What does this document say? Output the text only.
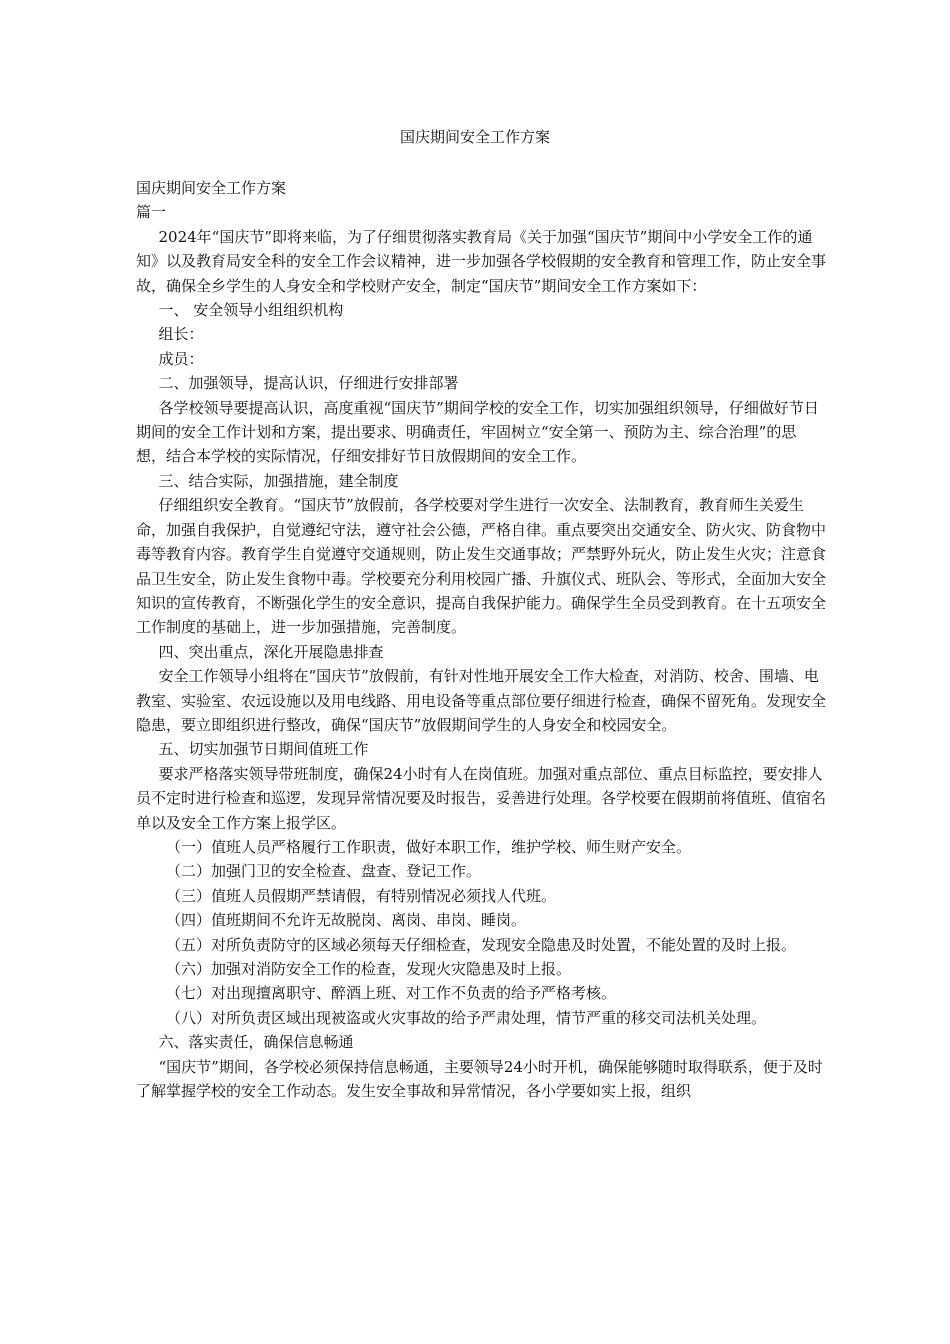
国庆期间安全工作方案

国庆期间安全工作方案

篇一

2024年“国庆节”即将来临，为了仔细贯彻落实教育局《关于加强“国庆节”期间中小学安全工作的通知》以及教育局安全科的安全工作会议精神，进一步加强各学校假期的安全教育和管理工作，防止安全事故，确保全乡学生的人身安全和学校财产安全，制定“国庆节”期间安全工作方案如下：

一、 安全领导小组组织机构

组长：

成员：

二、加强领导，提高认识，仔细进行安排部署

各学校领导要提高认识，高度重视“国庆节”期间学校的安全工作，切实加强组织领导，仔细做好节日期间的安全工作计划和方案，提出要求、明确责任，牢固树立“安全第一、预防为主、综合治理”的思想，结合本学校的实际情况，仔细安排好节日放假期间的安全工作。

三、结合实际，加强措施，建全制度

仔细组织安全教育。“国庆节”放假前，各学校要对学生进行一次安全、法制教育，教育师生关爱生命，加强自我保护，自觉遵纪守法，遵守社会公德，严格自律。重点要突出交通安全、防火灾、防食物中毒等教育内容。教育学生自觉遵守交通规则，防止发生交通事故；严禁野外玩火，防止发生火灾；注意食品卫生安全，防止发生食物中毒。学校要充分利用校园广播、升旗仪式、班队会、等形式，全面加大安全知识的宣传教育，不断强化学生的安全意识，提高自我保护能力。确保学生全员受到教育。在十五项安全工作制度的基础上，进一步加强措施，完善制度。

四、突出重点，深化开展隐患排查

安全工作领导小组将在“国庆节”放假前，有针对性地开展安全工作大检查，对消防、校舍、围墙、电教室、实验室、农远设施以及用电线路、用电设备等重点部位要仔细进行检查，确保不留死角。发现安全隐患，要立即组织进行整改，确保“国庆节”放假期间学生的人身安全和校园安全。

五、切实加强节日期间值班工作

要求严格落实领导带班制度，确保24小时有人在岗值班。加强对重点部位、重点目标监控，要安排人员不定时进行检查和巡逻，发现异常情况要及时报告，妥善进行处理。各学校要在假期前将值班、值宿名单以及安全工作方案上报学区。

（一）值班人员严格履行工作职责，做好本职工作，维护学校、师生财产安全。

（二）加强门卫的安全检查、盘查、登记工作。

（三）值班人员假期严禁请假，有特别情况必须找人代班。

（四）值班期间不允许无故脱岗、离岗、串岗、睡岗。

（五）对所负责防守的区域必须每天仔细检查，发现安全隐患及时处置，不能处置的及时上报。

（六）加强对消防安全工作的检查，发现火灾隐患及时上报。

（七）对出现擅离职守、醉酒上班、对工作不负责的给予严格考核。

（八）对所负责区域出现被盗或火灾事故的给予严肃处理，情节严重的移交司法机关处理。

六、落实责任，确保信息畅通

“国庆节”期间，各学校必须保持信息畅通，主要领导24小时开机，确保能够随时取得联系，便于及时了解掌握学校的安全工作动态。发生安全事故和异常情况，各小学要如实上报，组织
